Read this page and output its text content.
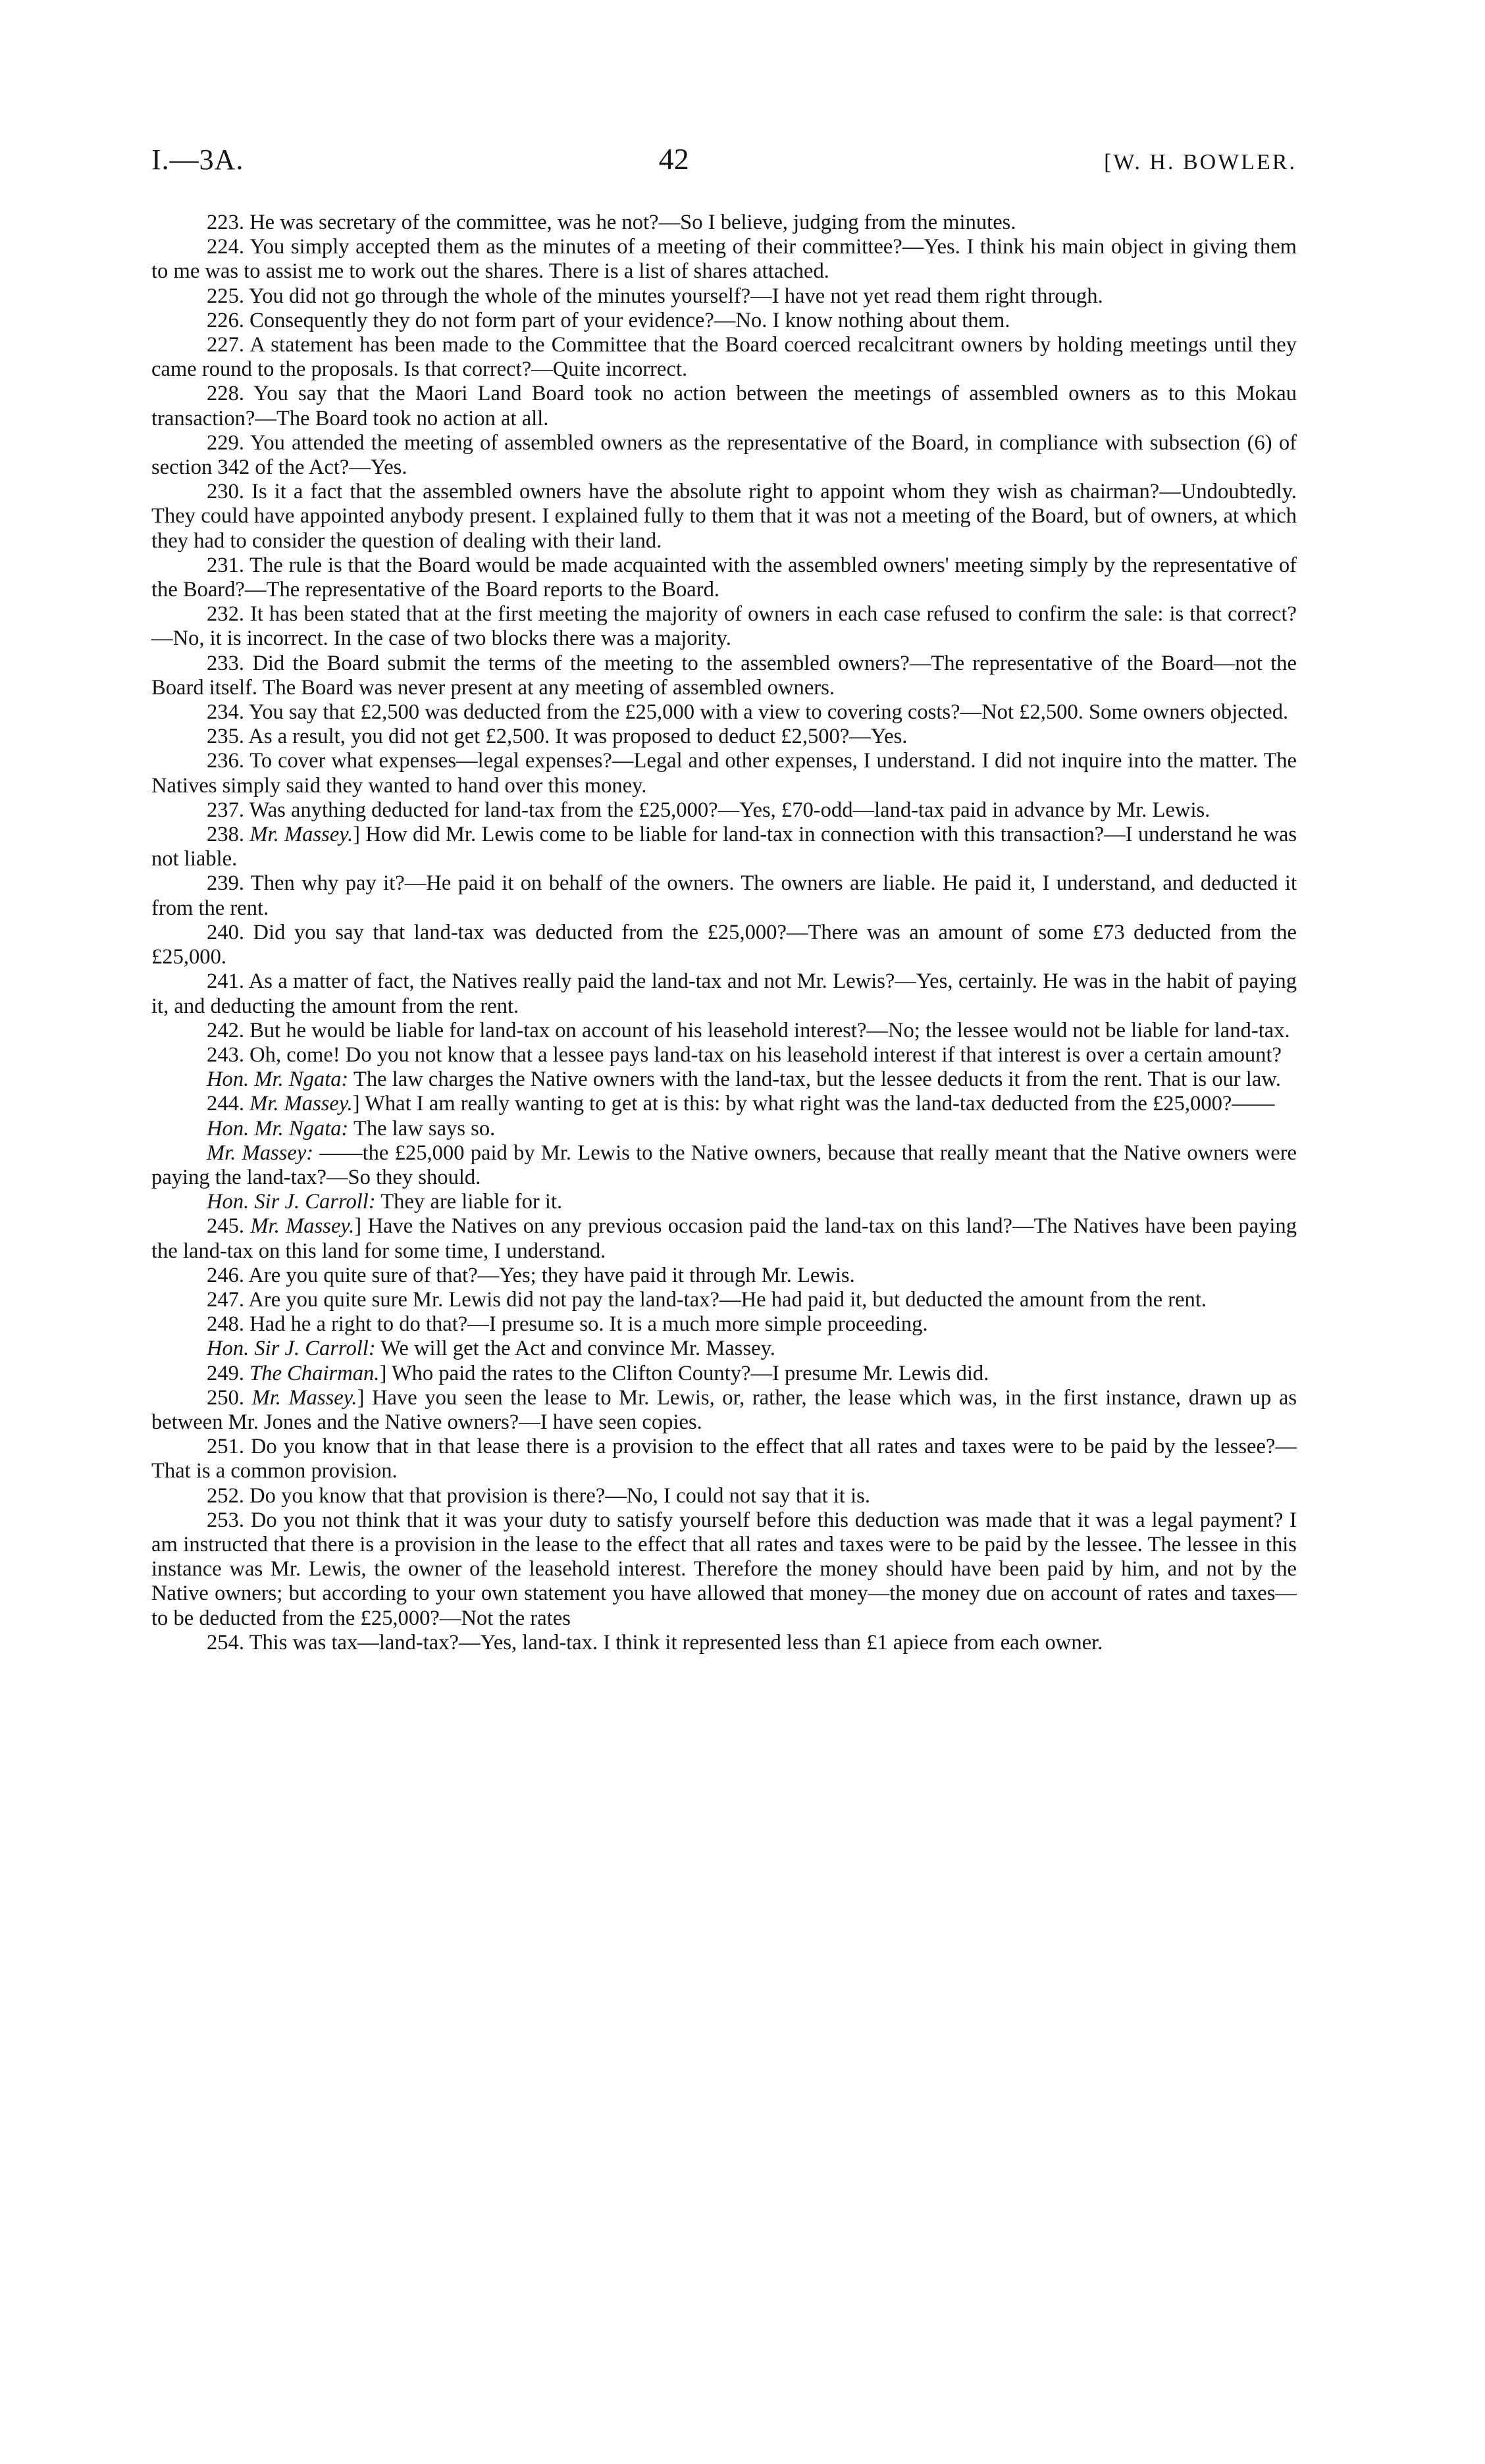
I.—3A.	42	[W. H. BOWLER.

223. He was secretary of the committee, was he not?—So I believe, judging from the minutes.

224. You simply accepted them as the minutes of a meeting of their committee?—Yes. I think his main object in giving them to me was to assist me to work out the shares. There is a list of shares attached.

225. You did not go through the whole of the minutes yourself?—I have not yet read them right through.

226. Consequently they do not form part of your evidence?—No. I know nothing about them.

227. A statement has been made to the Committee that the Board coerced recalcitrant owners by holding meetings until they came round to the proposals. Is that correct?—Quite incorrect.

228. You say that the Maori Land Board took no action between the meetings of assembled owners as to this Mokau transaction?—The Board took no action at all.

229. You attended the meeting of assembled owners as the representative of the Board, in compliance with subsection (6) of section 342 of the Act?—Yes.

230. Is it a fact that the assembled owners have the absolute right to appoint whom they wish as chairman?—Undoubtedly. They could have appointed anybody present. I explained fully to them that it was not a meeting of the Board, but of owners, at which they had to consider the question of dealing with their land.

231. The rule is that the Board would be made acquainted with the assembled owners' meeting simply by the representative of the Board?—The representative of the Board reports to the Board.

232. It has been stated that at the first meeting the majority of owners in each case refused to confirm the sale: is that correct?—No, it is incorrect. In the case of two blocks there was a majority.

233. Did the Board submit the terms of the meeting to the assembled owners?—The representative of the Board—not the Board itself. The Board was never present at any meeting of assembled owners.

234. You say that £2,500 was deducted from the £25,000 with a view to covering costs?—Not £2,500. Some owners objected.

235. As a result, you did not get £2,500. It was proposed to deduct £2,500?—Yes.

236. To cover what expenses—legal expenses?—Legal and other expenses, I understand. I did not inquire into the matter. The Natives simply said they wanted to hand over this money.

237. Was anything deducted for land-tax from the £25,000?—Yes, £70-odd—land-tax paid in advance by Mr. Lewis.

238. Mr. Massey.] How did Mr. Lewis come to be liable for land-tax in connection with this transaction?—I understand he was not liable.

239. Then why pay it?—He paid it on behalf of the owners. The owners are liable. He paid it, I understand, and deducted it from the rent.

240. Did you say that land-tax was deducted from the £25,000?—There was an amount of some £73 deducted from the £25,000.

241. As a matter of fact, the Natives really paid the land-tax and not Mr. Lewis?—Yes, certainly. He was in the habit of paying it, and deducting the amount from the rent.

242. But he would be liable for land-tax on account of his leasehold interest?—No; the lessee would not be liable for land-tax.

243. Oh, come! Do you not know that a lessee pays land-tax on his leasehold interest if that interest is over a certain amount?

Hon. Mr. Ngata: The law charges the Native owners with the land-tax, but the lessee deducts it from the rent. That is our law.

244. Mr. Massey.] What I am really wanting to get at is this: by what right was the land-tax deducted from the £25,000?——

Hon. Mr. Ngata: The law says so.

Mr. Massey: ——the £25,000 paid by Mr. Lewis to the Native owners, because that really meant that the Native owners were paying the land-tax?—So they should.

Hon. Sir J. Carroll: They are liable for it.

245. Mr. Massey.] Have the Natives on any previous occasion paid the land-tax on this land?—The Natives have been paying the land-tax on this land for some time, I understand.

246. Are you quite sure of that?—Yes; they have paid it through Mr. Lewis.

247. Are you quite sure Mr. Lewis did not pay the land-tax?—He had paid it, but deducted the amount from the rent.

248. Had he a right to do that?—I presume so. It is a much more simple proceeding.

Hon. Sir J. Carroll: We will get the Act and convince Mr. Massey.

249. The Chairman.] Who paid the rates to the Clifton County?—I presume Mr. Lewis did.

250. Mr. Massey.] Have you seen the lease to Mr. Lewis, or, rather, the lease which was, in the first instance, drawn up as between Mr. Jones and the Native owners?—I have seen copies.

251. Do you know that in that lease there is a provision to the effect that all rates and taxes were to be paid by the lessee?—That is a common provision.

252. Do you know that that provision is there?—No, I could not say that it is.

253. Do you not think that it was your duty to satisfy yourself before this deduction was made that it was a legal payment? I am instructed that there is a provision in the lease to the effect that all rates and taxes were to be paid by the lessee. The lessee in this instance was Mr. Lewis, the owner of the leasehold interest. Therefore the money should have been paid by him, and not by the Native owners; but according to your own statement you have allowed that money—the money due on account of rates and taxes—to be deducted from the £25,000?—Not the rates

254. This was tax—land-tax?—Yes, land-tax. I think it represented less than £1 apiece from each owner.
